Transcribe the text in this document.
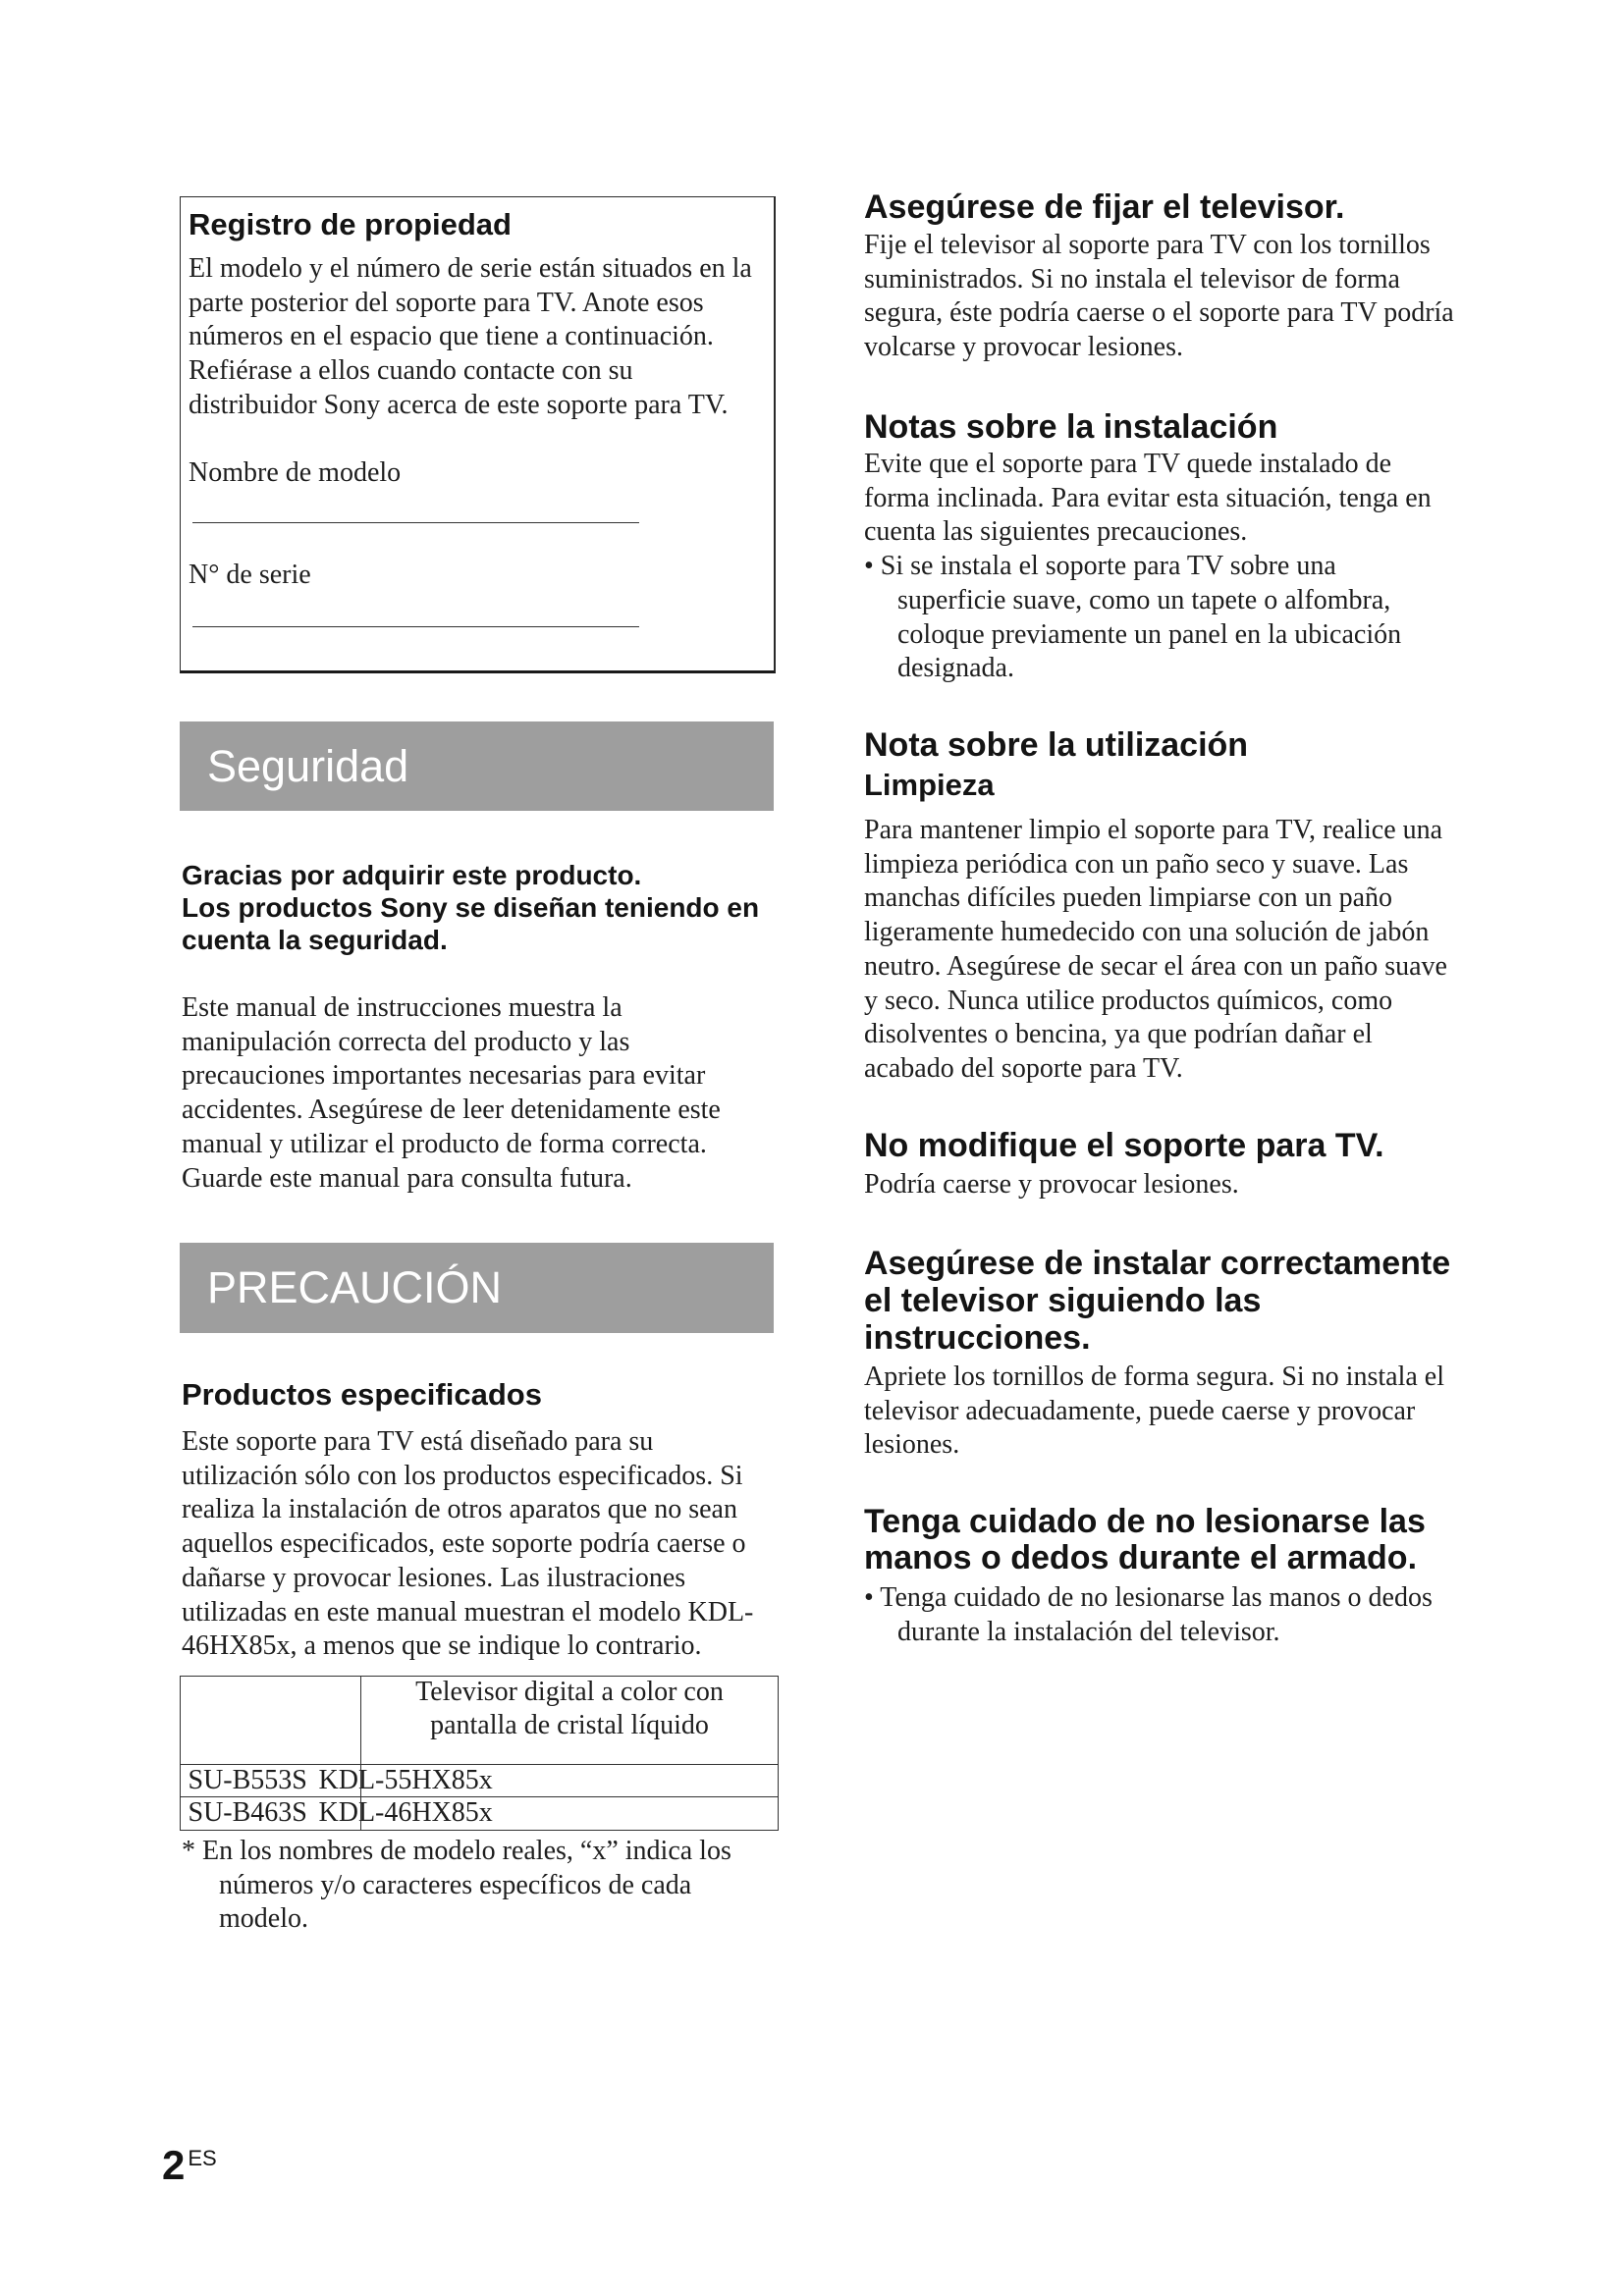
Registro de propiedad
El modelo y el número de serie están situados en la
parte posterior del soporte para TV. Anote esos
números en el espacio que tiene a continuación.
Refiérase a ellos cuando contacte con su
distribuidor Sony acerca de este soporte para TV.
Nombre de modelo
N° de serie
Seguridad
Gracias por adquirir este producto.
Los productos Sony se diseñan teniendo en
cuenta la seguridad.
Este manual de instrucciones muestra la
manipulación correcta del producto y las
precauciones importantes necesarias para evitar
accidentes. Asegúrese de leer detenidamente este
manual y utilizar el producto de forma correcta.
Guarde este manual para consulta futura.
PRECAUCIÓN
Productos especificados
Este soporte para TV está diseñado para su
utilización sólo con los productos especificados. Si
realiza la instalación de otros aparatos que no sean
aquellos especificados, este soporte podría caerse o
dañarse y provocar lesiones. Las ilustraciones
utilizadas en este manual muestran el modelo KDL-
46HX85x, a menos que se indique lo contrario.
Televisor digital a color con
pantalla de cristal líquido
SU-B553S KDL-55HX85x
SU-B463S KDL-46HX85x
* En los nombres de modelo reales, “x” indica los
números y/o caracteres específicos de cada
modelo.
2 ES
Asegúrese de fijar el televisor.
Fije el televisor al soporte para TV con los tornillos
suministrados. Si no instala el televisor de forma
segura, éste podría caerse o el soporte para TV podría
volcarse y provocar lesiones.
Notas sobre la instalación
Evite que el soporte para TV quede instalado de
forma inclinada. Para evitar esta situación, tenga en
cuenta las siguientes precauciones.
• Si se instala el soporte para TV sobre una
superficie suave, como un tapete o alfombra,
coloque previamente un panel en la ubicación
designada.
Nota sobre la utilización
Limpieza
Para mantener limpio el soporte para TV, realice una
limpieza periódica con un paño seco y suave. Las
manchas difíciles pueden limpiarse con un paño
ligeramente humedecido con una solución de jabón
neutro. Asegúrese de secar el área con un paño suave
y seco. Nunca utilice productos químicos, como
disolventes o bencina, ya que podrían dañar el
acabado del soporte para TV.
No modifique el soporte para TV.
Podría caerse y provocar lesiones.
Asegúrese de instalar correctamente
el televisor siguiendo las
instrucciones.
Apriete los tornillos de forma segura. Si no instala el
televisor adecuadamente, puede caerse y provocar
lesiones.
Tenga cuidado de no lesionarse las
manos o dedos durante el armado.
• Tenga cuidado de no lesionarse las manos o dedos
durante la instalación del televisor.
